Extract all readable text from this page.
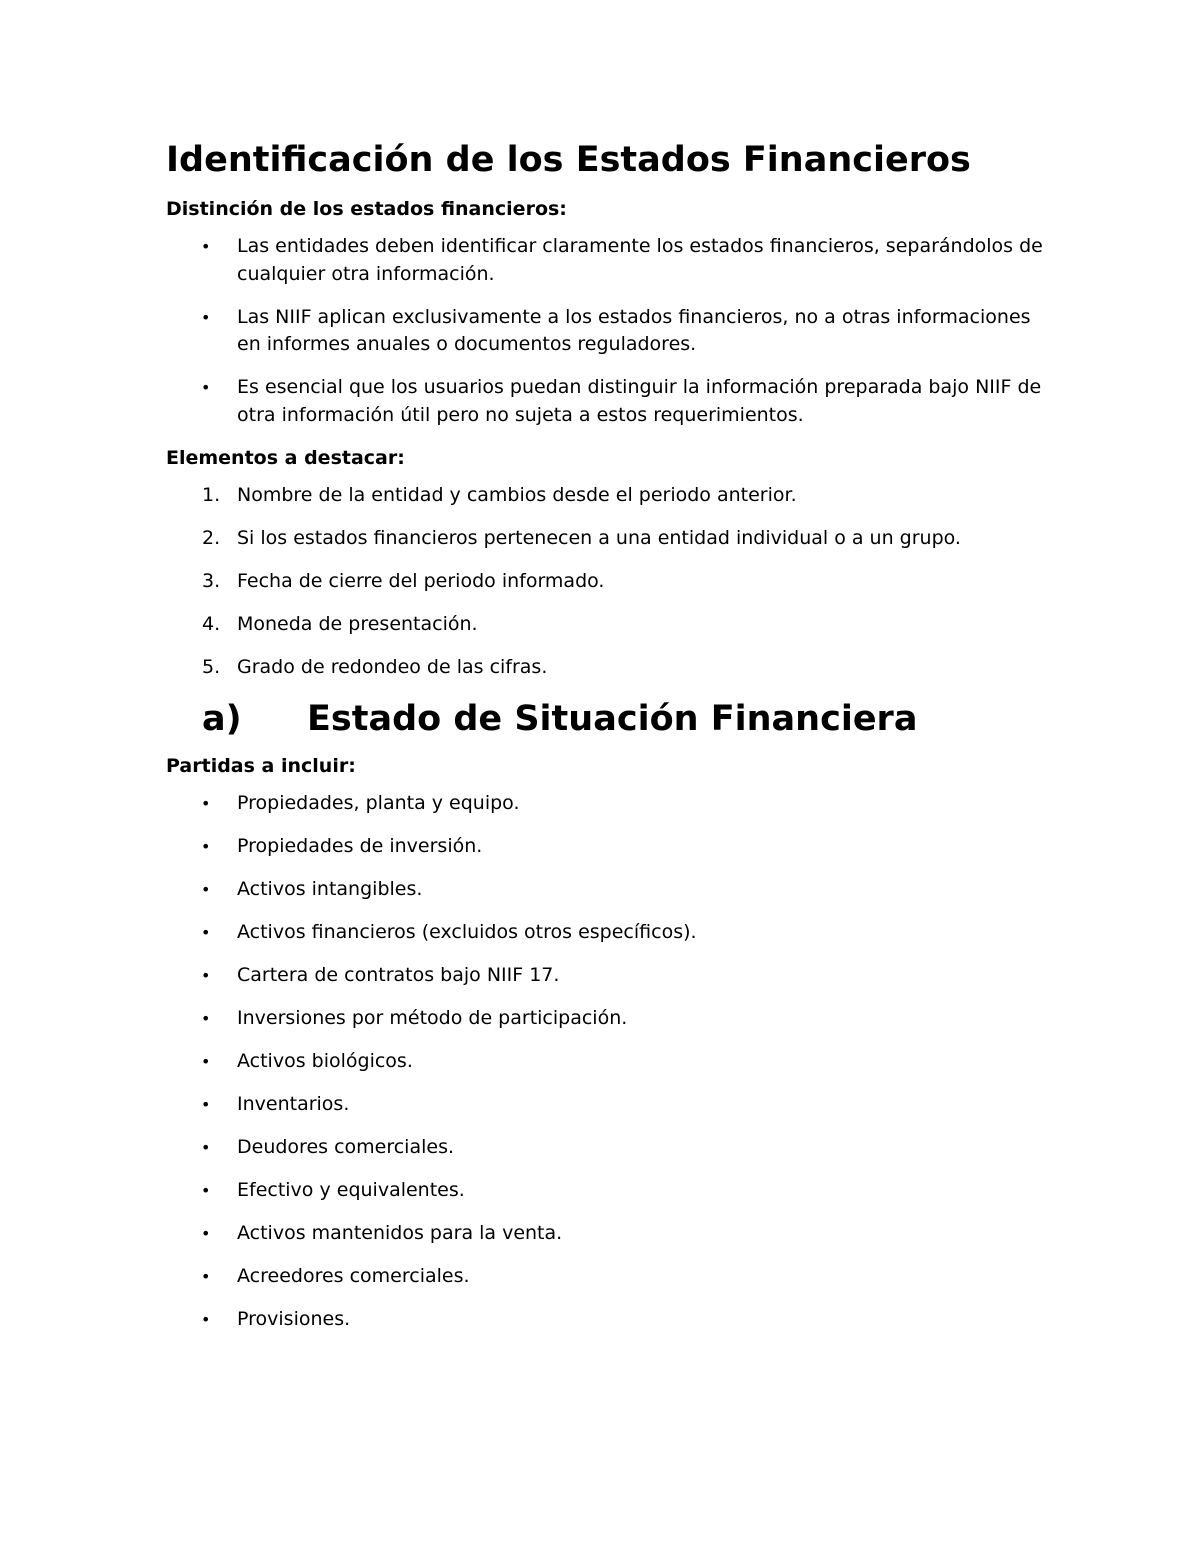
Identificación de los Estados Financieros
Distinción de los estados financieros:
• Las entidades deben identificar claramente los estados financieros, separándolos de cualquier otra información.
• Las NIIF aplican exclusivamente a los estados financieros, no a otras informaciones en informes anuales o documentos reguladores.
• Es esencial que los usuarios puedan distinguir la información preparada bajo NIIF de otra información útil pero no sujeta a estos requerimientos.
Elementos a destacar:
1. Nombre de la entidad y cambios desde el periodo anterior.
2. Si los estados financieros pertenecen a una entidad individual o a un grupo.
3. Fecha de cierre del periodo informado.
4. Moneda de presentación.
5. Grado de redondeo de las cifras.
a)	Estado de Situación Financiera
Partidas a incluir:
• Propiedades, planta y equipo.
• Propiedades de inversión.
• Activos intangibles.
• Activos financieros (excluidos otros específicos).
• Cartera de contratos bajo NIIF 17.
• Inversiones por método de participación.
• Activos biológicos.
• Inventarios.
• Deudores comerciales.
• Efectivo y equivalentes.
• Activos mantenidos para la venta.
• Acreedores comerciales.
• Provisiones.
